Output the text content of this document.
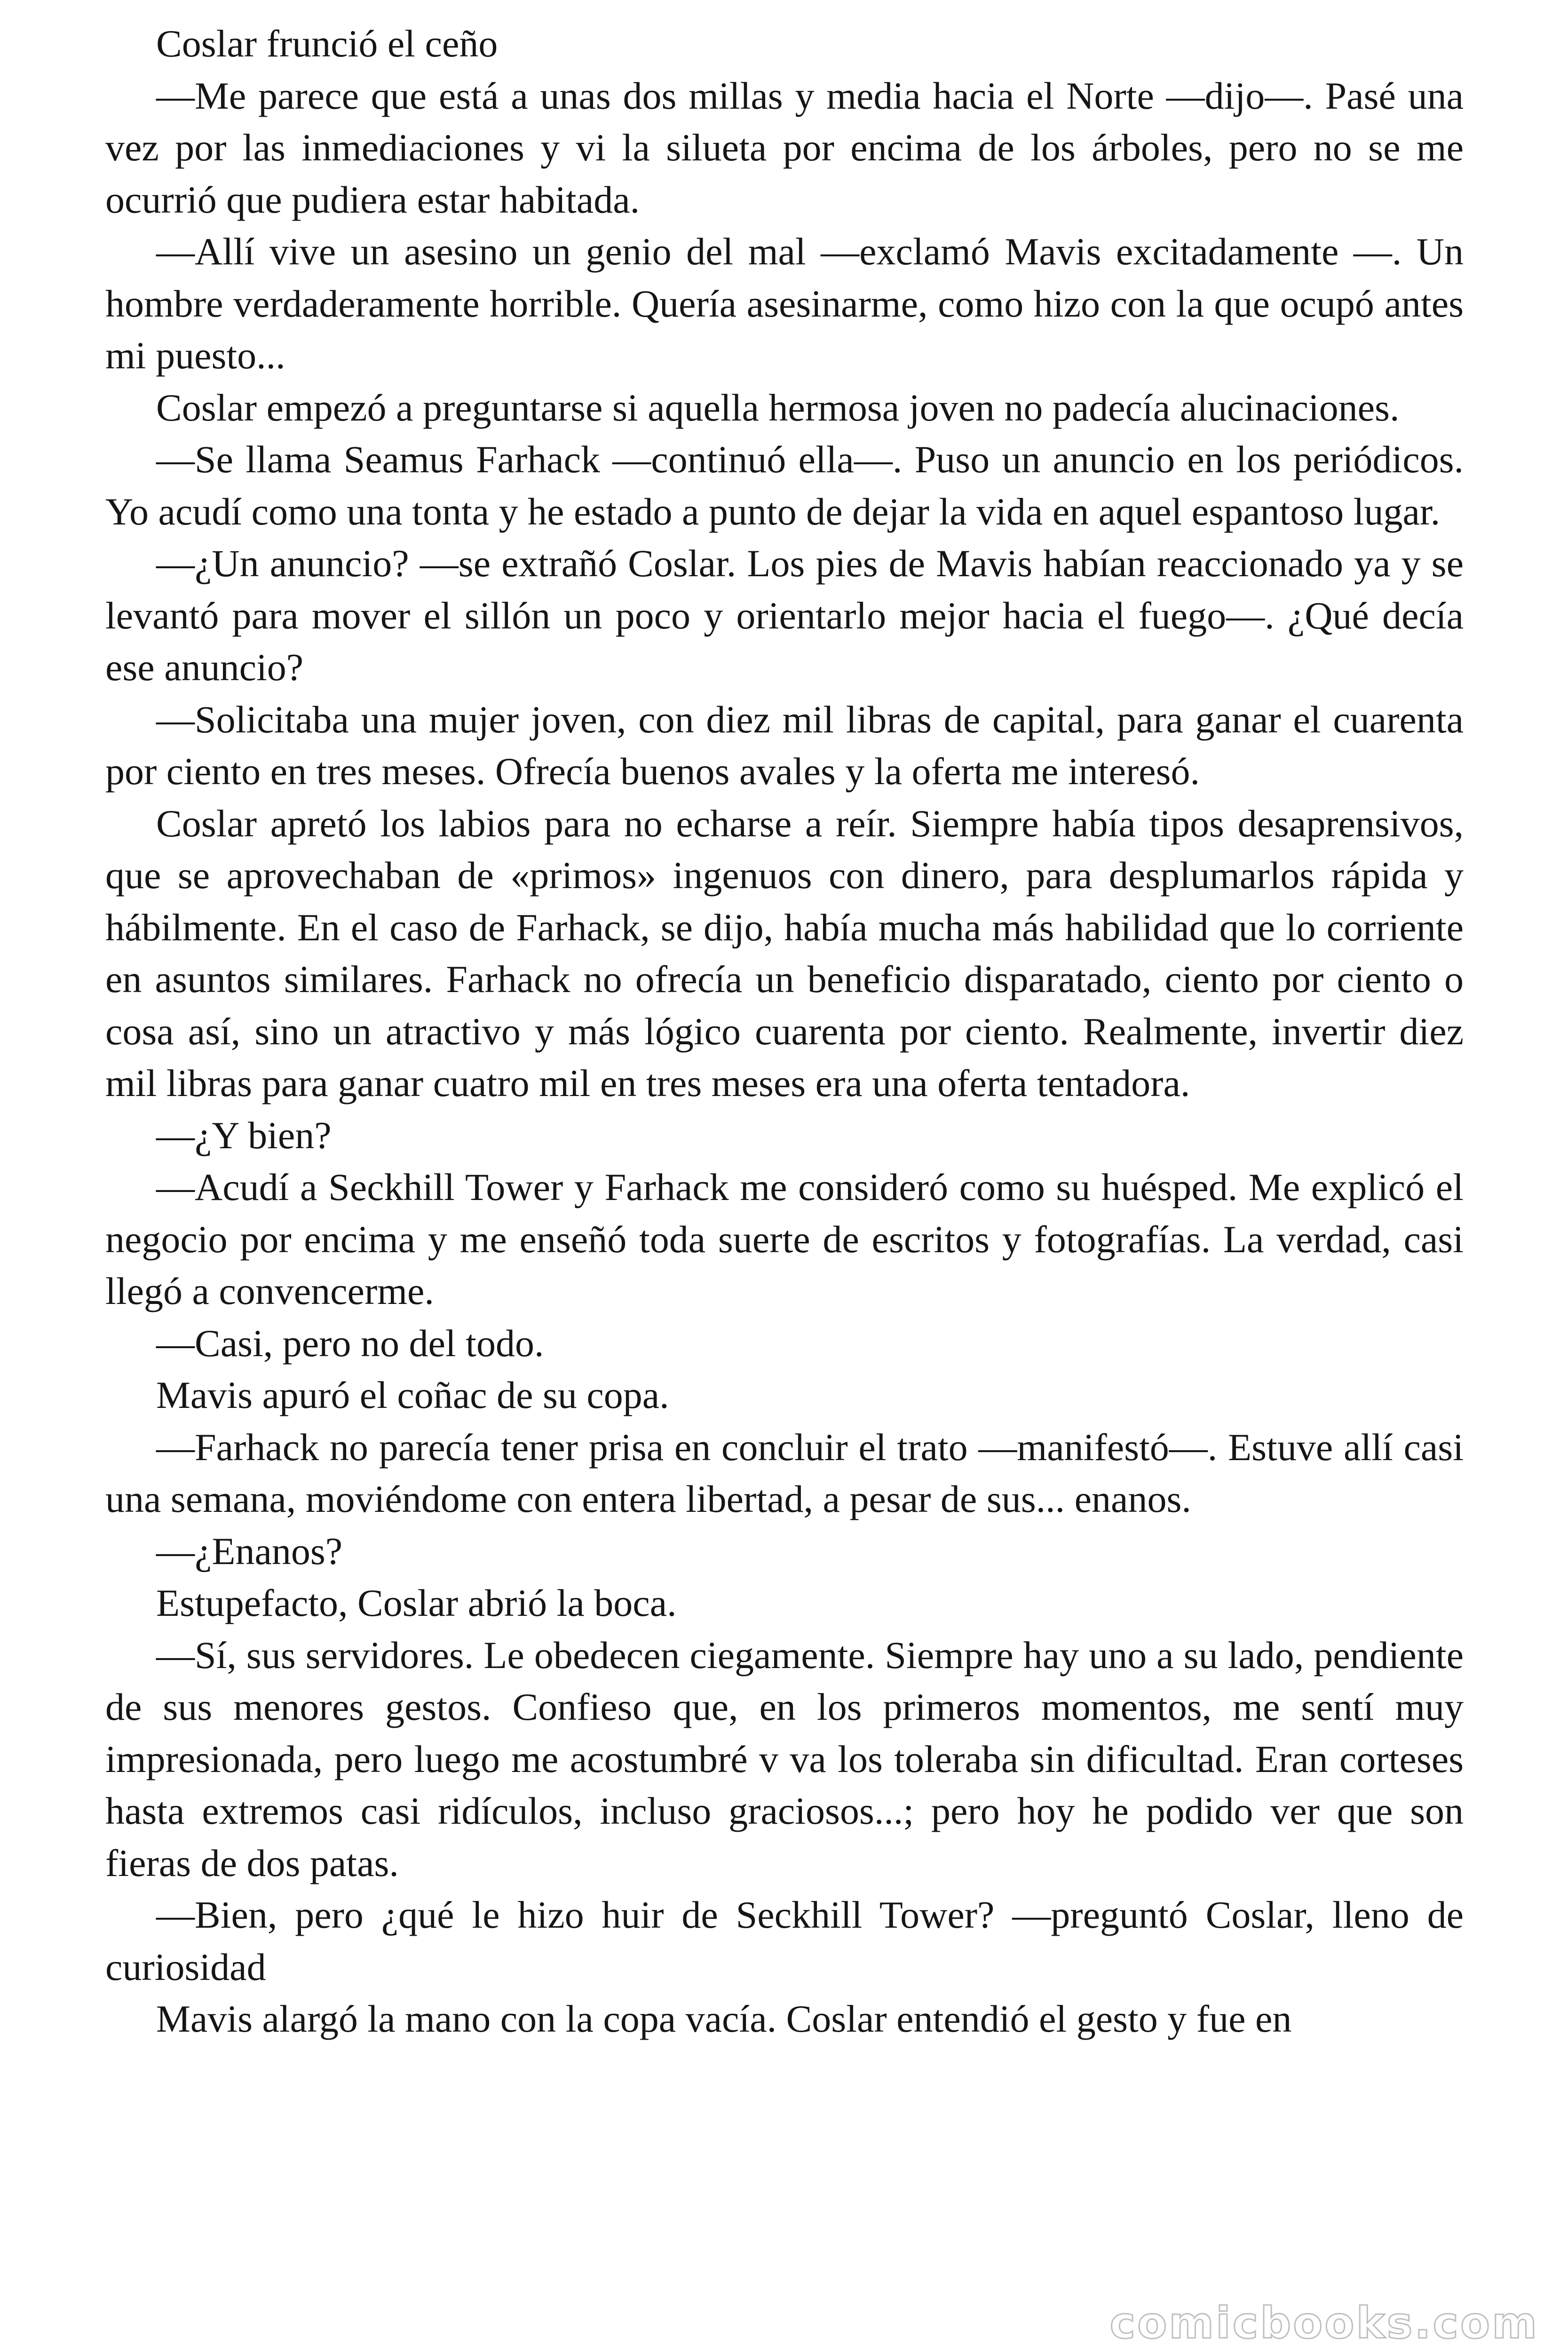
Coslar frunció el ceño

—Me parece que está a unas dos millas y media hacia el Norte —dijo—. Pasé una vez por las inmediaciones y vi la silueta por encima de los árboles, pero no se me ocurrió que pudiera estar habitada.

—Allí vive un asesino un genio del mal —exclamó Mavis excitadamente —. Un hombre verdaderamente horrible. Quería asesinarme, como hizo con la que ocupó antes mi puesto...

Coslar empezó a preguntarse si aquella hermosa joven no padecía alucinaciones.

—Se llama Seamus Farhack —continuó ella—. Puso un anuncio en los periódicos. Yo acudí como una tonta y he estado a punto de dejar la vida en aquel espantoso lugar.

—¿Un anuncio? —se extrañó Coslar. Los pies de Mavis habían reaccionado ya y se levantó para mover el sillón un poco y orientarlo mejor hacia el fuego—. ¿Qué decía ese anuncio?

—Solicitaba una mujer joven, con diez mil libras de capital, para ganar el cuarenta por ciento en tres meses. Ofrecía buenos avales y la oferta me interesó.

Coslar apretó los labios para no echarse a reír. Siempre había tipos desaprensivos, que se aprovechaban de «primos» ingenuos con dinero, para desplumarlos rápida y hábilmente. En el caso de Farhack, se dijo, había mucha más habilidad que lo corriente en asuntos similares. Farhack no ofrecía un beneficio disparatado, ciento por ciento o cosa así, sino un atractivo y más lógico cuarenta por ciento. Realmente, invertir diez mil libras para ganar cuatro mil en tres meses era una oferta tentadora.

—¿Y bien?

—Acudí a Seckhill Tower y Farhack me consideró como su huésped. Me explicó el negocio por encima y me enseñó toda suerte de escritos y fotografías. La verdad, casi llegó a convencerme.

—Casi, pero no del todo.

Mavis apuró el coñac de su copa.

—Farhack no parecía tener prisa en concluir el trato —manifestó—. Estuve allí casi una semana, moviéndome con entera libertad, a pesar de sus... enanos.

—¿Enanos?

Estupefacto, Coslar abrió la boca.

—Sí, sus servidores. Le obedecen ciegamente. Siempre hay uno a su lado, pendiente de sus menores gestos. Confieso que, en los primeros momentos, me sentí muy impresionada, pero luego me acostumbré v va los toleraba sin dificultad. Eran corteses hasta extremos casi ridículos, incluso graciosos...; pero hoy he podido ver que son fieras de dos patas.

—Bien, pero ¿qué le hizo huir de Seckhill Tower? —preguntó Coslar, lleno de curiosidad

Mavis alargó la mano con la copa vacía. Coslar entendió el gesto y fue en

comicbooks.com
